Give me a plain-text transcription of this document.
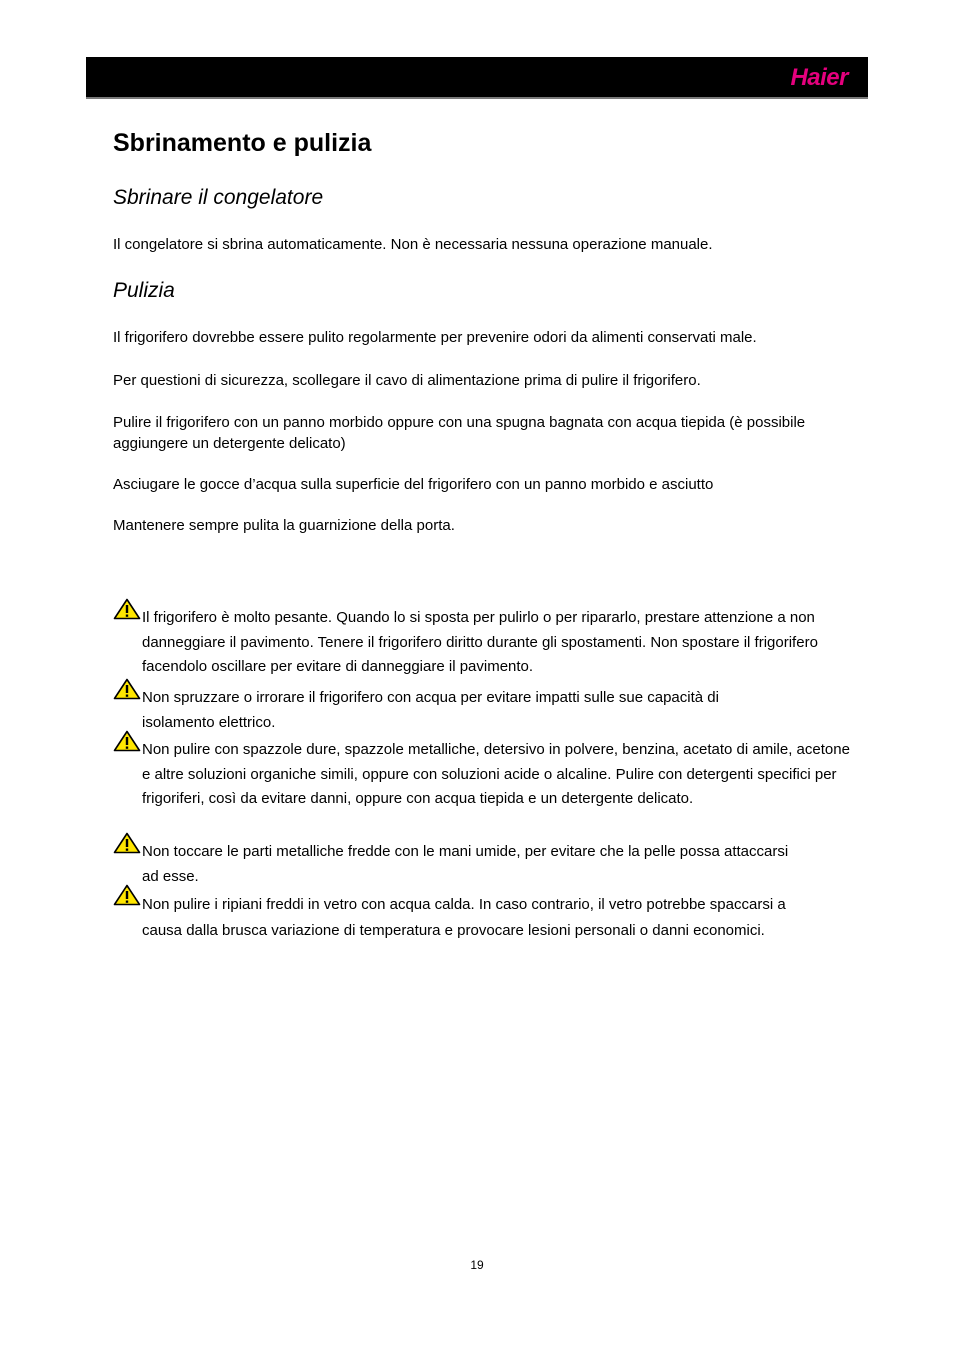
Haier
Sbrinamento e pulizia
Sbrinare il congelatore

Il congelatore si sbrina automaticamente. Non è necessaria nessuna operazione manuale.

Pulizia

Il frigorifero dovrebbe essere pulito regolarmente per prevenire odori da alimenti conservati male.

Per questioni di sicurezza, scollegare il cavo di alimentazione prima di pulire il frigorifero.

Pulire il frigorifero con un panno morbido oppure con una spugna bagnata con acqua tiepida (è possibile aggiungere un detergente delicato)

Asciugare le gocce d’acqua sulla superficie del frigorifero con un panno morbido e asciutto

Mantenere sempre pulita la guarnizione della porta.

Il frigorifero è molto pesante. Quando lo si sposta per pulirlo o per ripararlo, prestare attenzione a non danneggiare il pavimento. Tenere il frigorifero diritto durante gli spostamenti. Non spostare il frigorifero facendolo oscillare per evitare di danneggiare il pavimento.

Non spruzzare o irrorare il frigorifero con acqua per evitare impatti sulle sue capacità di isolamento elettrico.

Non pulire con spazzole dure, spazzole metalliche, detersivo in polvere, benzina, acetato di amile, acetone e altre soluzioni organiche simili, oppure con soluzioni acide o alcaline. Pulire con detergenti specifici per frigoriferi, così da evitare danni, oppure con acqua tiepida e un detergente delicato.

Non toccare le parti metalliche fredde con le mani umide, per evitare che la pelle possa attaccarsi ad esse.

Non pulire i ripiani freddi in vetro con acqua calda. In caso contrario, il vetro potrebbe spaccarsi a causa dalla brusca variazione di temperatura e provocare lesioni personali o danni economici.

19
